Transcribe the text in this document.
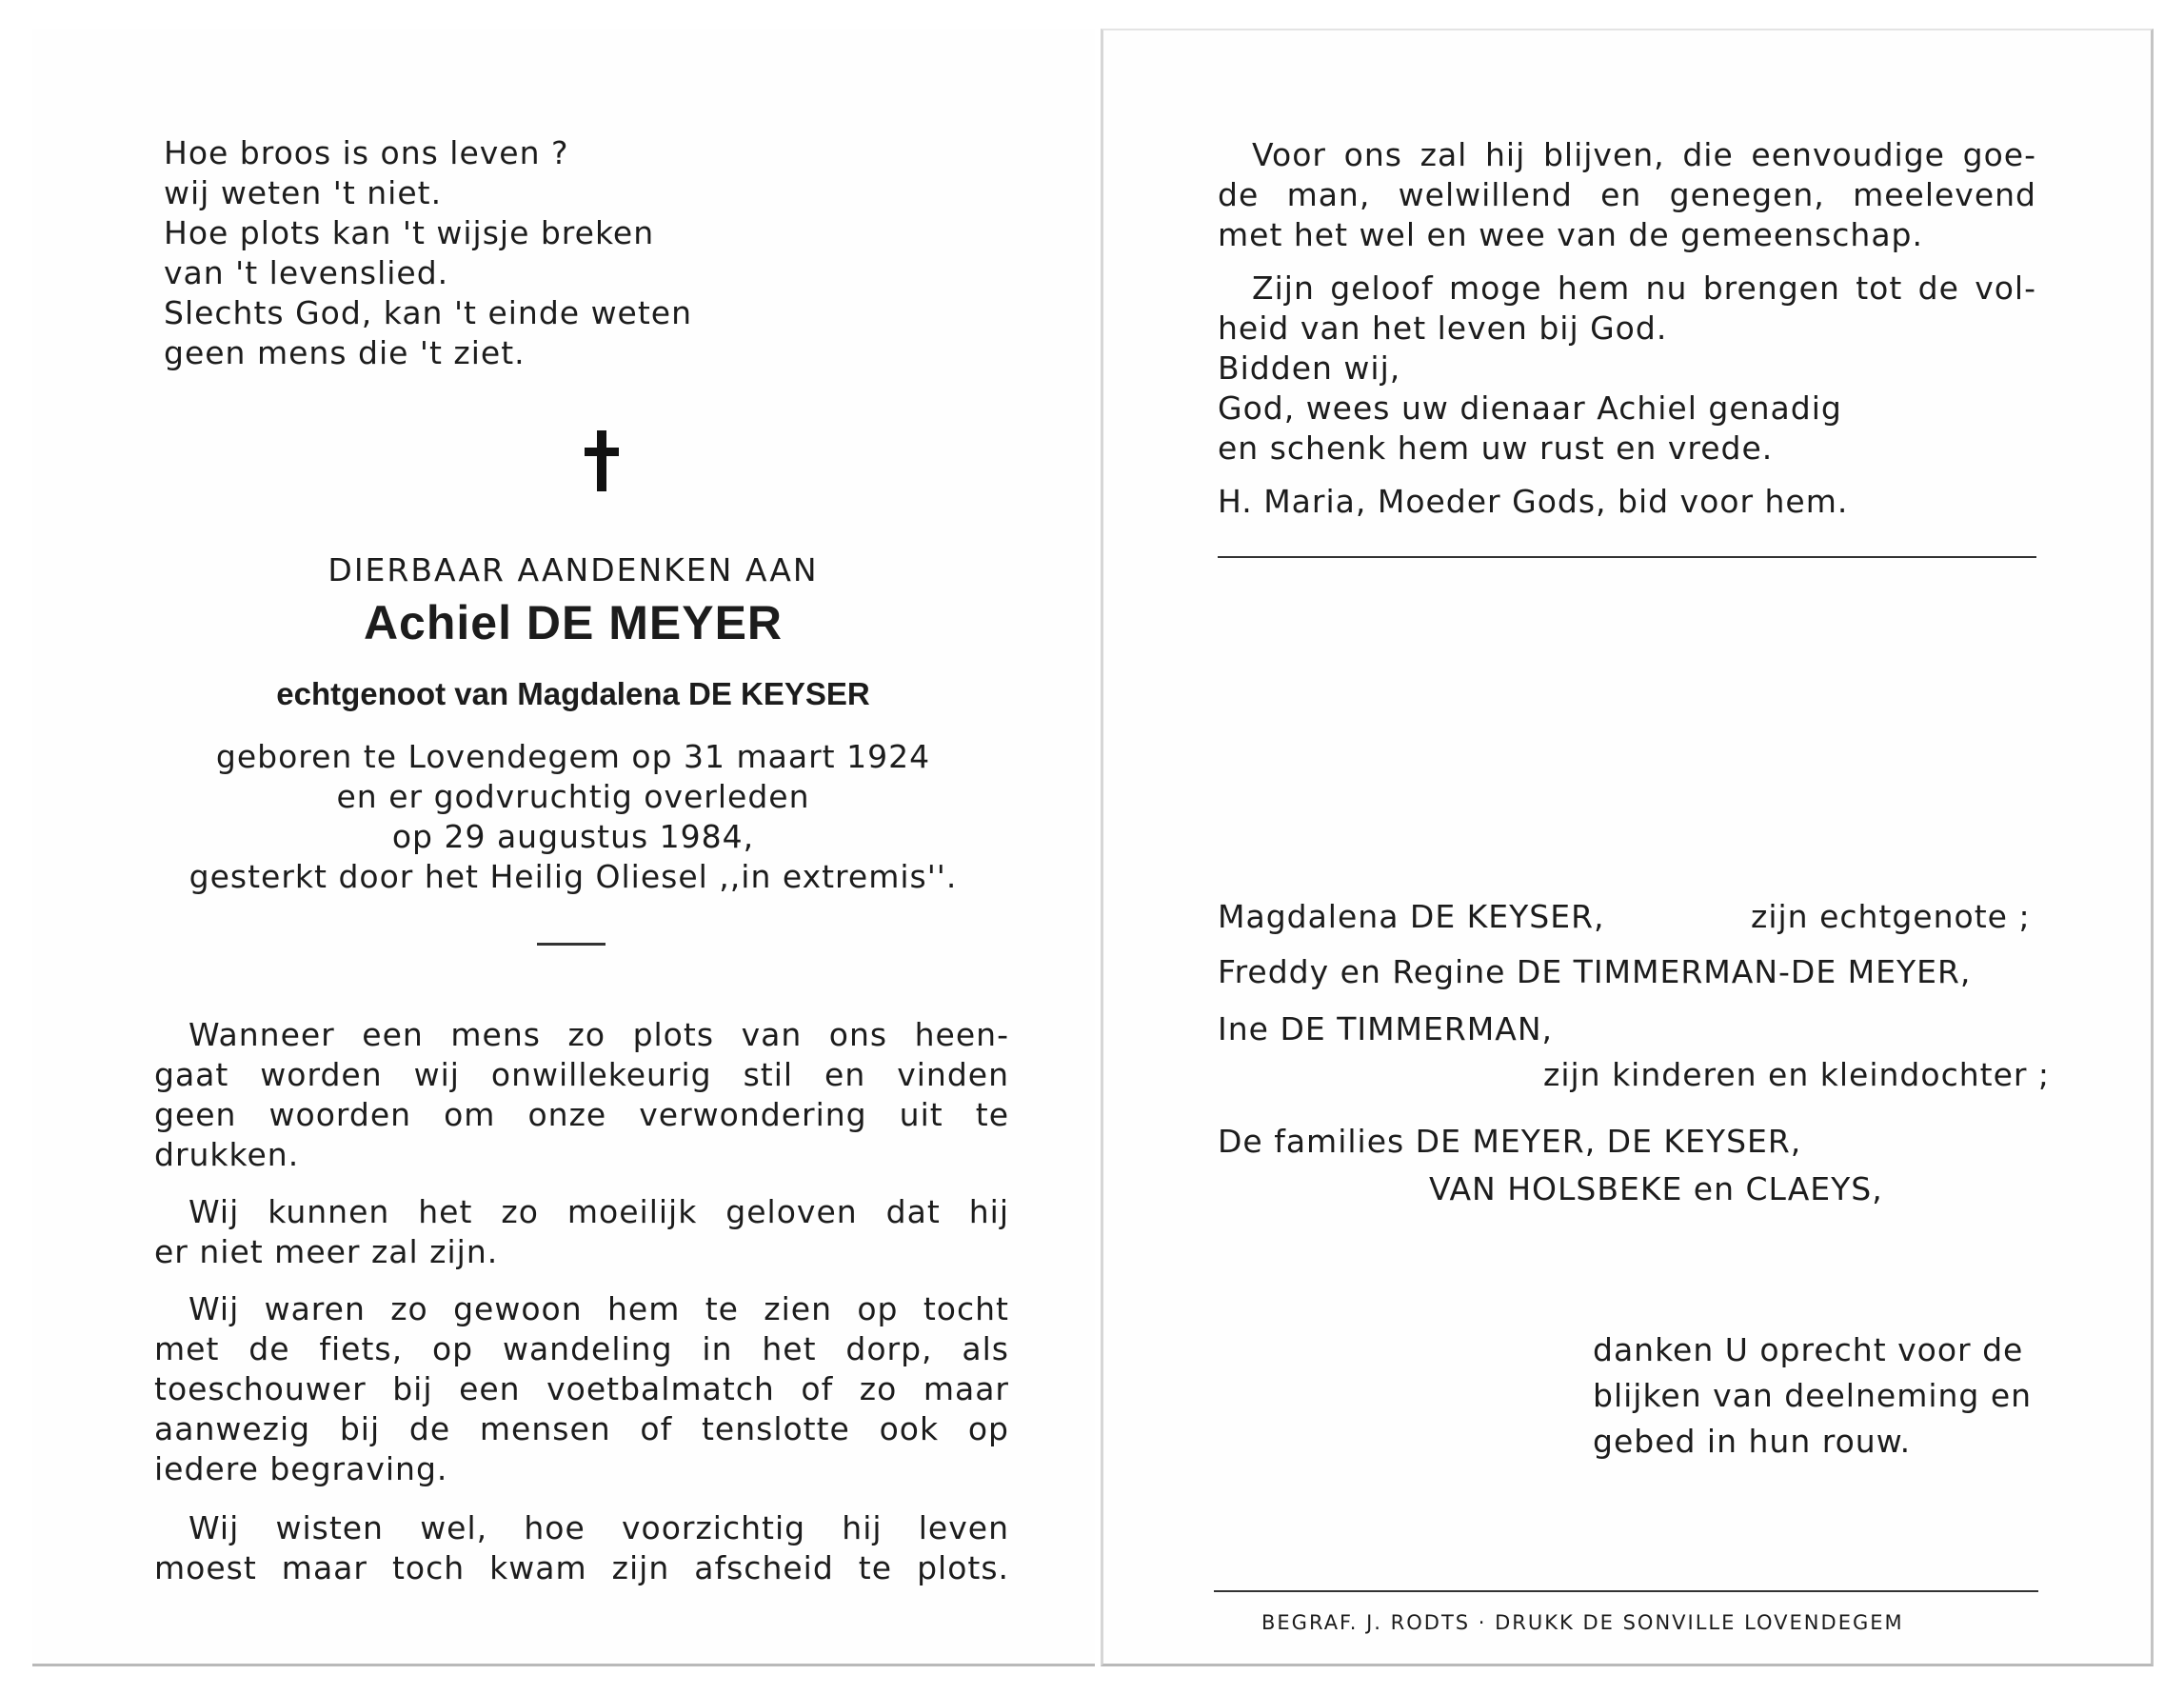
Hoe broos is ons leven ?
wij weten 't niet.
Hoe plots kan 't wijsje breken
van 't levenslied.
Slechts God, kan 't einde weten
geen mens die 't ziet.
DIERBAAR AANDENKEN AAN
Achiel DE MEYER
echtgenoot van Magdalena DE KEYSER
geboren te Lovendegem op 31 maart 1924
en er godvruchtig overleden
op 29 augustus 1984,
gesterkt door het Heilig Oliesel ,,in extremis''.
Wanneer een mens zo plots van ons heen-
gaat worden wij onwillekeurig stil en vinden
geen woorden om onze verwondering uit te
drukken.
Wij kunnen het zo moeilijk geloven dat hij
er niet meer zal zijn.
Wij waren zo gewoon hem te zien op tocht
met de fiets, op wandeling in het dorp, als
toeschouwer bij een voetbalmatch of zo maar
aanwezig bij de mensen of tenslotte ook op
iedere begraving.
Wij wisten wel, hoe voorzichtig hij leven
moest maar toch kwam zijn afscheid te plots.
Voor ons zal hij blijven, die eenvoudige goe-
de man, welwillend en genegen, meelevend
met het wel en wee van de gemeenschap.
Zijn geloof moge hem nu brengen tot de vol-
heid van het leven bij God.
Bidden wij,
God, wees uw dienaar Achiel genadig
en schenk hem uw rust en vrede.
H. Maria, Moeder Gods, bid voor hem.
Magdalena DE KEYSER,	zijn echtgenote ;
Freddy en Regine DE TIMMERMAN-DE MEYER,
Ine DE TIMMERMAN,
zijn kinderen en kleindochter ;
De families DE MEYER, DE KEYSER,
VAN HOLSBEKE en CLAEYS,
danken U oprecht voor de
blijken van deelneming en
gebed in hun rouw.
BEGRAF. J. RODTS · DRUKK DE SONVILLE LOVENDEGEM
